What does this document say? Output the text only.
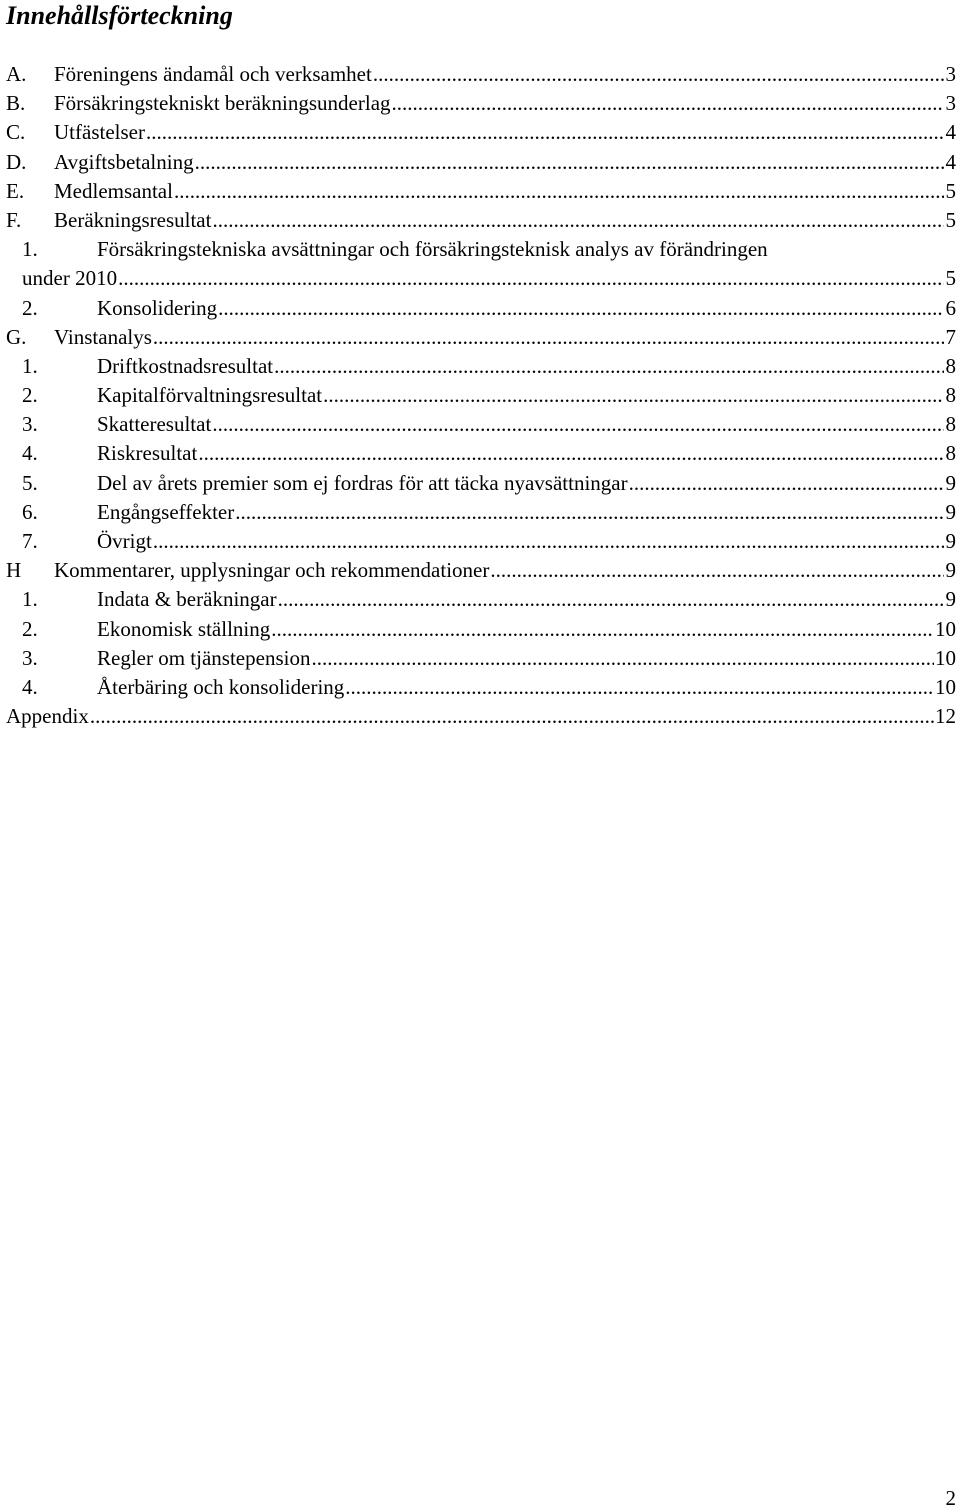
Innehållsförteckning
A.	Föreningens ändamål och verksamhet .....	3
B.	Försäkringstekniskt beräkningsunderlag .....	3
C.	Utfästelser .....	4
D.	Avgiftsbetalning .....	4
E.	Medlemsantal .....	5
F.	Beräkningsresultat .....	5
1.	Försäkringstekniska avsättningar och försäkringsteknisk analys av förändringen
under 2010 .....	5
2.	Konsolidering .....	6
G.	Vinstanalys .....	7
1.	Driftkostnadsresultat .....	8
2.	Kapitalförvaltningsresultat .....	8
3.	Skatteresultat .....	8
4.	Riskresultat .....	8
5.	Del av årets premier som ej fordras för att täcka nyavsättningar .....	9
6.	Engångseffekter .....	9
7.	Övrigt .....	9
H	Kommentarer, upplysningar och rekommendationer .....	9
1.	Indata & beräkningar .....	9
2.	Ekonomisk ställning .....	10
3.	Regler om tjänstepension .....	10
4.	Återbäring och konsolidering .....	10
Appendix .....	12
2
